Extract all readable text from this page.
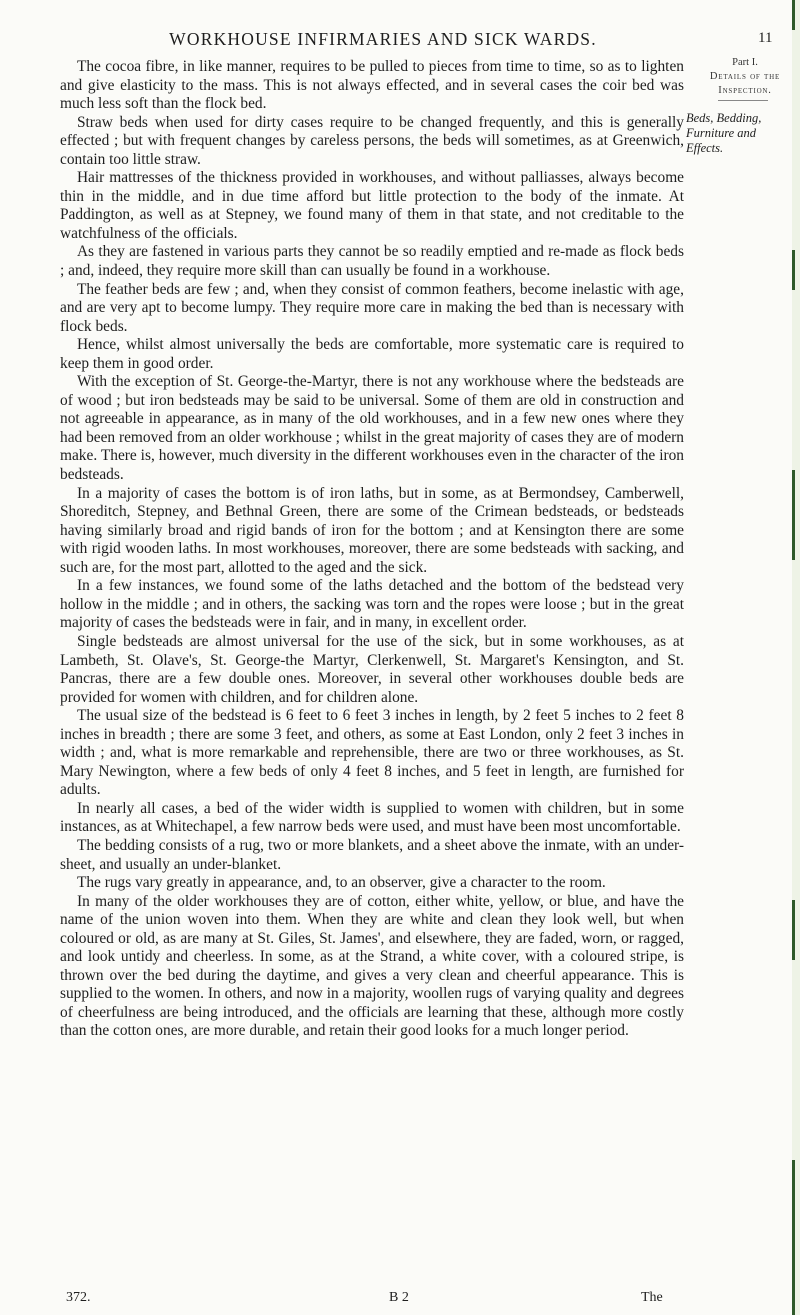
WORKHOUSE INFIRMARIES AND SICK WARDS.	11
Part I.
Details of the
Inspection.
Beds, Bedding,
Furniture and
Effects.

The cocoa fibre, in like manner, requires to be pulled to pieces from time to time, so as to lighten and give elasticity to the mass. This is not always effected, and in several cases the coir bed was much less soft than the flock bed.

Straw beds when used for dirty cases require to be changed frequently, and this is generally effected ; but with frequent changes by careless persons, the beds will sometimes, as at Greenwich, contain too little straw.

Hair mattresses of the thickness provided in workhouses, and without palliasses, always become thin in the middle, and in due time afford but little protection to the body of the inmate. At Paddington, as well as at Stepney, we found many of them in that state, and not creditable to the watchfulness of the officials.

As they are fastened in various parts they cannot be so readily emptied and re-made as flock beds ; and, indeed, they require more skill than can usually be found in a workhouse.

The feather beds are few ; and, when they consist of common feathers, become inelastic with age, and are very apt to become lumpy. They require more care in making the bed than is necessary with flock beds.

Hence, whilst almost universally the beds are comfortable, more systematic care is required to keep them in good order.

With the exception of St. George-the-Martyr, there is not any workhouse where the bedsteads are of wood ; but iron bedsteads may be said to be universal. Some of them are old in construction and not agreeable in appearance, as in many of the old workhouses, and in a few new ones where they had been removed from an older workhouse ; whilst in the great majority of cases they are of modern make. There is, however, much diversity in the different workhouses even in the character of the iron bedsteads.

In a majority of cases the bottom is of iron laths, but in some, as at Bermondsey, Camberwell, Shoreditch, Stepney, and Bethnal Green, there are some of the Crimean bedsteads, or bedsteads having similarly broad and rigid bands of iron for the bottom ; and at Kensington there are some with rigid wooden laths. In most workhouses, moreover, there are some bedsteads with sacking, and such are, for the most part, allotted to the aged and the sick.

In a few instances, we found some of the laths detached and the bottom of the bedstead very hollow in the middle ; and in others, the sacking was torn and the ropes were loose ; but in the great majority of cases the bedsteads were in fair, and in many, in excellent order.

Single bedsteads are almost universal for the use of the sick, but in some workhouses, as at Lambeth, St. Olave's, St. George-the Martyr, Clerkenwell, St. Margaret's Kensington, and St. Pancras, there are a few double ones. Moreover, in several other workhouses double beds are provided for women with children, and for children alone.

The usual size of the bedstead is 6 feet to 6 feet 3 inches in length, by 2 feet 5 inches to 2 feet 8 inches in breadth ; there are some 3 feet, and others, as some at East London, only 2 feet 3 inches in width ; and, what is more remarkable and reprehensible, there are two or three workhouses, as St. Mary Newington, where a few beds of only 4 feet 8 inches, and 5 feet in length, are furnished for adults.

In nearly all cases, a bed of the wider width is supplied to women with children, but in some instances, as at Whitechapel, a few narrow beds were used, and must have been most uncomfortable.

The bedding consists of a rug, two or more blankets, and a sheet above the inmate, with an under-sheet, and usually an under-blanket.

The rugs vary greatly in appearance, and, to an observer, give a character to the room.

In many of the older workhouses they are of cotton, either white, yellow, or blue, and have the name of the union woven into them. When they are white and clean they look well, but when coloured or old, as are many at St. Giles, St. James', and elsewhere, they are faded, worn, or ragged, and look untidy and cheerless. In some, as at the Strand, a white cover, with a coloured stripe, is thrown over the bed during the daytime, and gives a very clean and cheerful appearance. This is supplied to the women. In others, and now in a majority, woollen rugs of varying quality and degrees of cheerfulness are being introduced, and the officials are learning that these, although more costly than the cotton ones, are more durable, and retain their good looks for a much longer period.

372.	B 2	The
